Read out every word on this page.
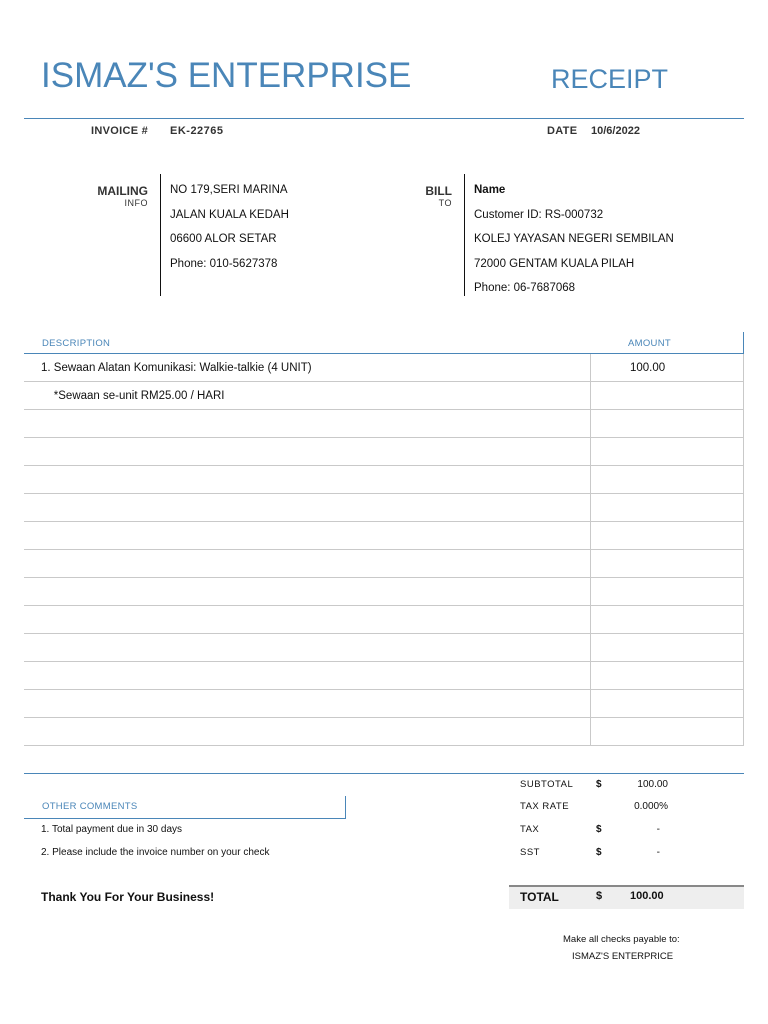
ISMAZ'S ENTERPRISE	RECEIPT
INVOICE # EK-22765	DATE 10/6/2022
MAILING
INFO
NO 179,SERI MARINA
JALAN KUALA KEDAH
06600 ALOR SETAR
Phone: 010-5627378
BILL
TO
Name
Customer ID: RS-000732
KOLEJ YAYASAN NEGERI SEMBILAN
72000 GENTAM KUALA PILAH
Phone: 06-7687068
DESCRIPTION	AMOUNT
1. Sewaan Alatan Komunikasi: Walkie-talkie (4 UNIT)	100.00
*Sewaan se-unit RM25.00 / HARI
SUBTOTAL $	100.00
TAX RATE	0.000%
TAX	$	-
SST	$	-
TOTAL	$	100.00
OTHER COMMENTS
1. Total payment due in 30 days
2. Please include the invoice number on your check
Thank You For Your Business!
Make all checks payable to:
ISMAZ'S ENTERPRICE
